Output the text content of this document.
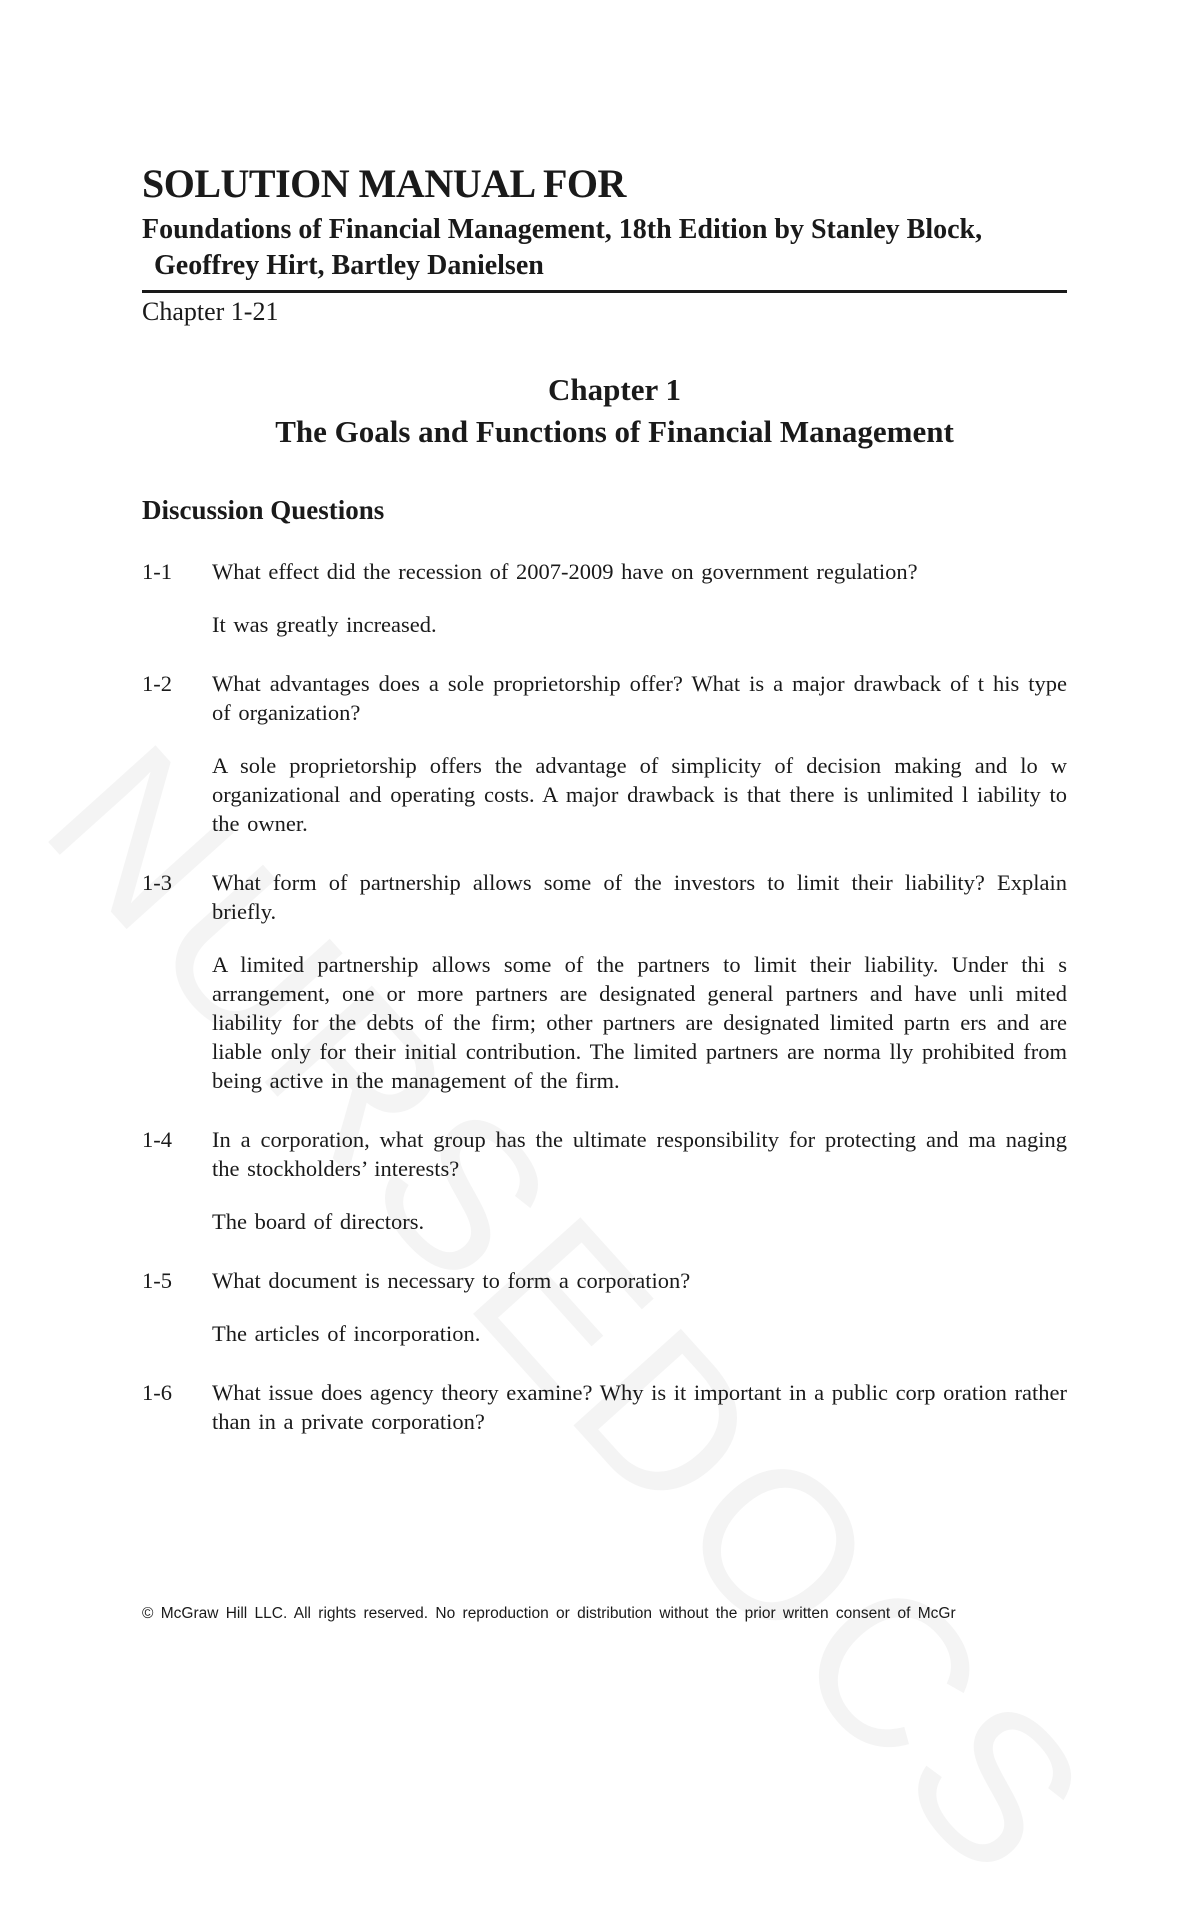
SOLUTION MANUAL FOR
Foundations of Financial Management, 18th Edition by Stanley Block,
Geoffrey Hirt, Bartley Danielsen
Chapter 1-21
Chapter 1
The Goals and Functions of Financial Management
Discussion Questions
1-1	What effect did the recession of 2007-2009 have on government regulation?
It was greatly increased.
1-2	What advantages does a sole proprietorship offer? What is a major drawback of t his type of organization?
A sole proprietorship offers the advantage of simplicity of decision making and lo w organizational and operating costs. A major drawback is that there is unlimited l iability to the owner.
1-3	What form of partnership allows some of the investors to limit their liability? Explain briefly.
A limited partnership allows some of the partners to limit their liability. Under thi s arrangement, one or more partners are designated general partners and have unli mited liability for the debts of the firm; other partners are designated limited partn ers and are liable only for their initial contribution. The limited partners are norma lly prohibited from being active in the management of the firm.
1-4	In a corporation, what group has the ultimate responsibility for protecting and ma naging the stockholders’ interests?
The board of directors.
1-5	What document is necessary to form a corporation?
The articles of incorporation.
1-6	What issue does agency theory examine? Why is it important in a public corp oration rather than in a private corporation?
© McGraw Hill LLC. All rights reserved. No reproduction or distribution without the prior written consent of McGr
